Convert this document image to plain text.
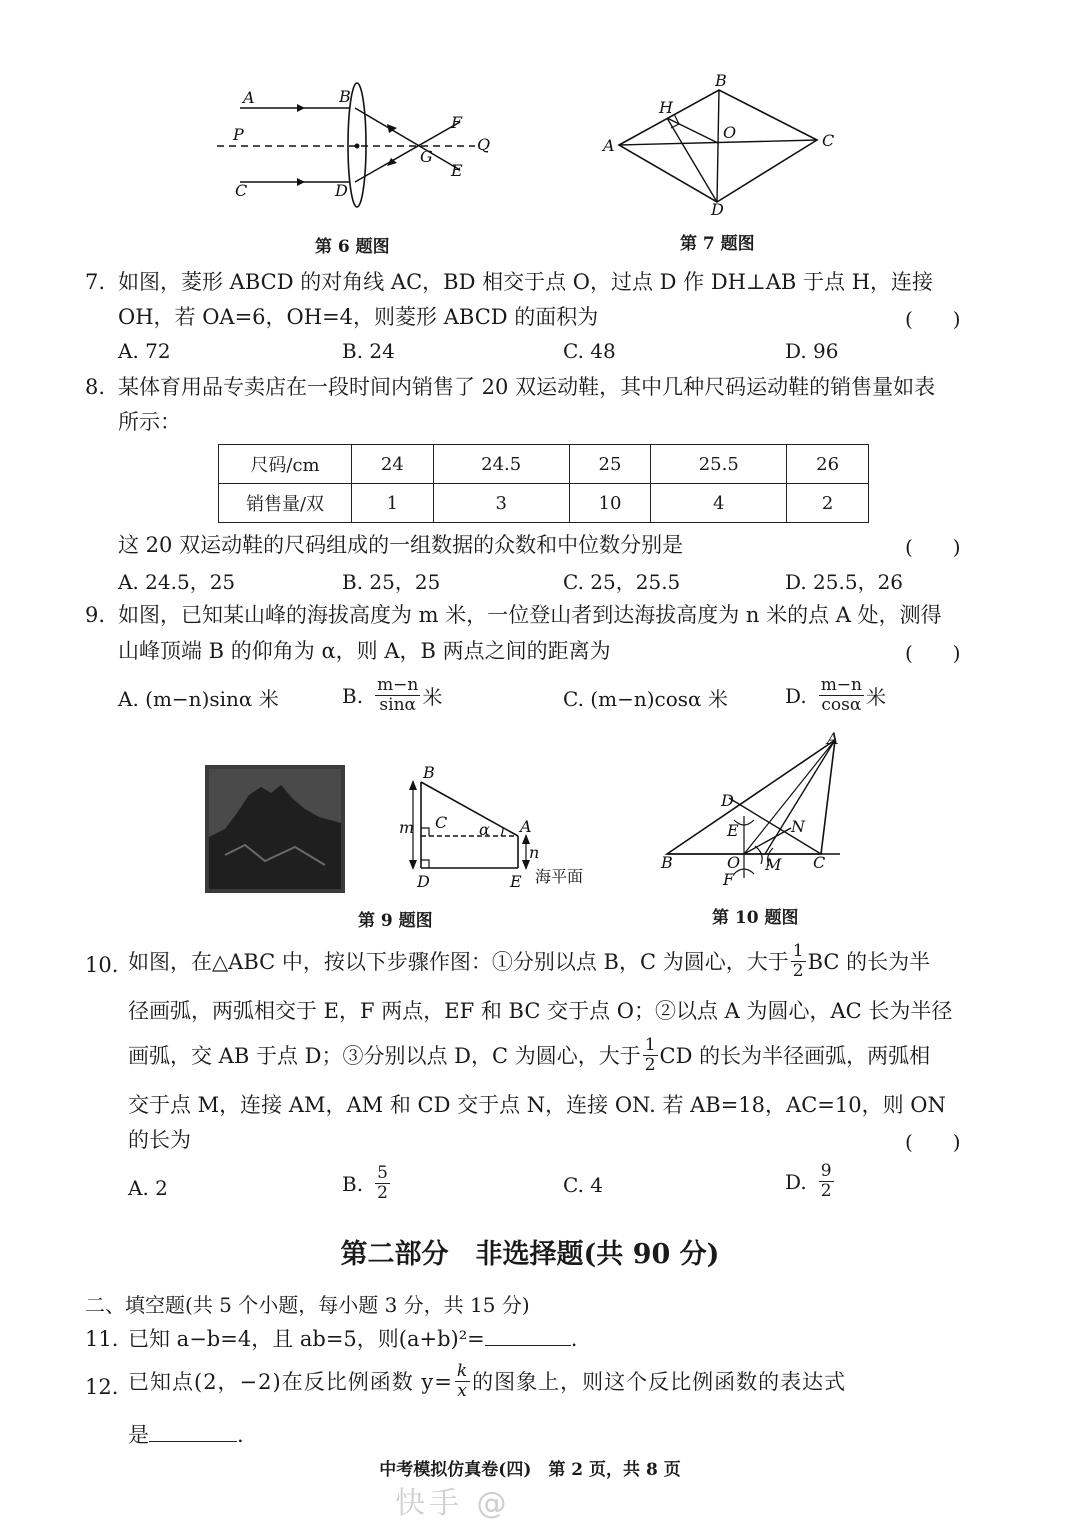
A	B
P
C	D
F
G
Q
E
第 6 题图
B
H
O
A	C
D
第 7 题图
7. 如图，菱形 ABCD 的对角线 AC，BD 相交于点 O，过点 D 作 DH⊥AB 于点 H，连接
OH，若 OA=6，OH=4，则菱形 ABCD 的面积为	(　　)
A. 72	B. 24	C. 48	D. 96
8. 某体育用品专卖店在一段时间内销售了 20 双运动鞋，其中几种尺码运动鞋的销售量如表
所示：
尺码/cm	24	24.5	25	25.5	26
销售量/双	1	3	10	4	2
这 20 双运动鞋的尺码组成的一组数据的众数和中位数分别是	(　　)
A. 24.5，25	B. 25，25	C. 25，25.5	D. 25.5，26
9. 如图，已知某山峰的海拔高度为 m 米，一位登山者到达海拔高度为 n 米的点 A 处，测得
山峰顶端 B 的仰角为 α，则 A，B 两点之间的距离为	(　　)
A. (m−n)sinα 米	B. $\frac{m-n}{\sin\alpha}$ 米	C. (m−n)cosα 米	D. $\frac{m-n}{\cos\alpha}$ 米
B
m C α A
n
D	E 海平面
第 9 题图
A
D
E	N
B	O M C
F
第 10 题图
10. 如图，在△ABC 中，按以下步骤作图：①分别以点 B，C 为圆心，大于 $\frac{1}{2}$ BC 的长为半
径画弧，两弧相交于 E，F 两点，EF 和 BC 交于点 O；②以点 A 为圆心，AC 长为半径
画弧，交 AB 于点 D；③分别以点 D，C 为圆心，大于 $\frac{1}{2}$ CD 的长为半径画弧，两弧相
交于点 M，连接 AM，AM 和 CD 交于点 N，连接 ON. 若 AB=18，AC=10，则 ON
的长为	(　　)
A. 2	B. $\frac{5}{2}$	C. 4	D. $\frac{9}{2}$
第二部分　非选择题(共 90 分)
二、填空题(共 5 个小题，每小题 3 分，共 15 分)
11. 已知 a−b=4，且 ab=5，则(a+b)²=	.
12. 已知点(2，−2)在反比例函数 $y= \frac{k}{x}$ 的图象上，则这个反比例函数的表达式
是	.
中考模拟仿真卷(四)　第 2 页，共 8 页
快手 @
